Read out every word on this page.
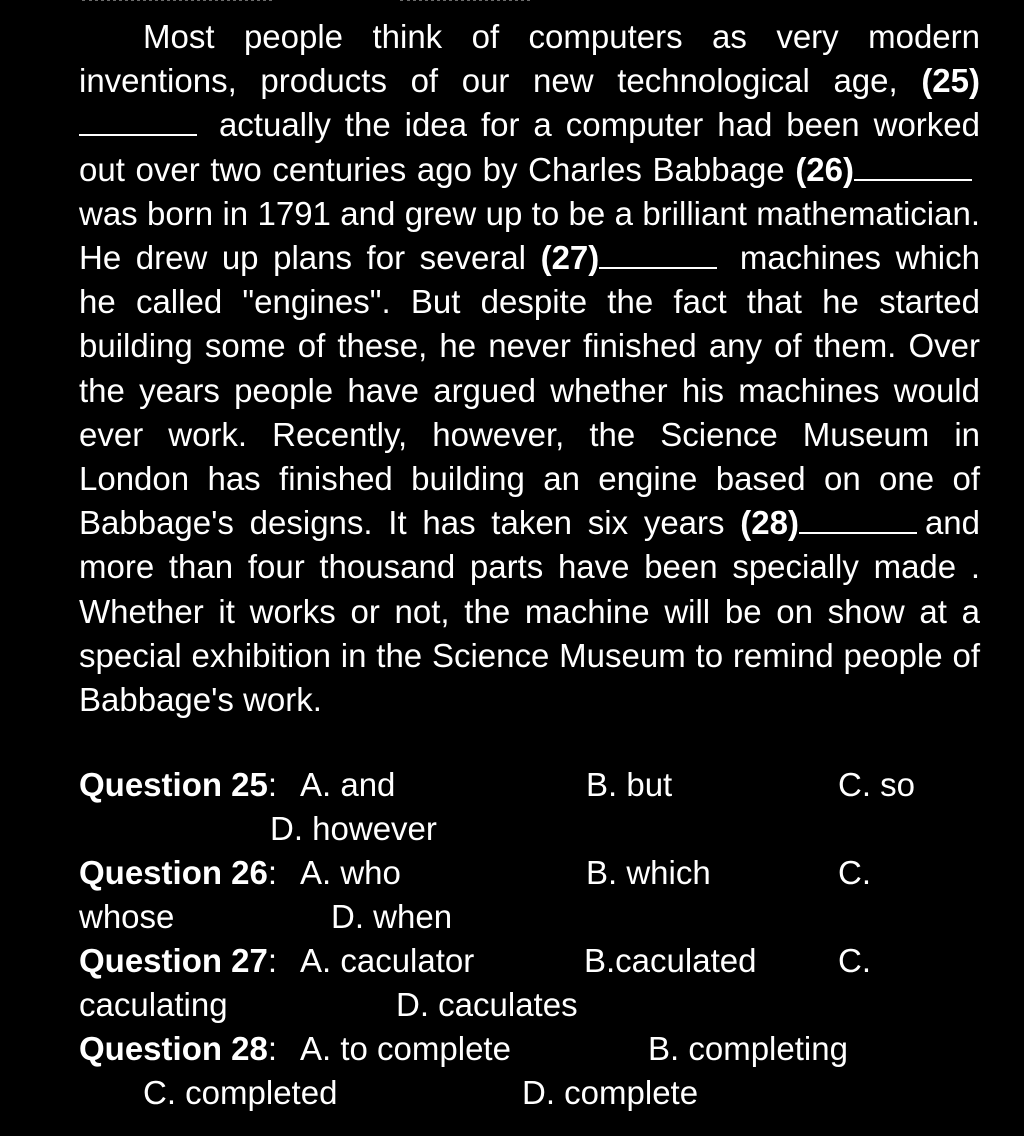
Most people think of computers as very modern inventions, products of our new technological age, (25) actually the idea for a computer had been worked out over two centuries ago by Charles Babbage (26) was born in 1791 and grew up to be a brilliant mathematician. He drew up plans for several (27)	machines which he called "engines". But despite the fact that he started building some of these, he never finished any of them. Over the years people have argued whether his machines would ever work. Recently, however, the Science Museum in London has finished building an engine based on one of Babbage's designs. It has taken six years (28)	and more than four thousand parts have been specially made . Whether it works or not, the machine will be on show at a special exhibition in the Science Museum to remind people of Babbage's work.

Question 25: A. and	B. but	C. so
D. however
Question 26: A. who	B. which	C.
whose	D. when
Question 27: A. caculator	B.caculated C.
caculating	D. caculates
Question 28: A. to complete	B. completing
C. completed	D. complete
